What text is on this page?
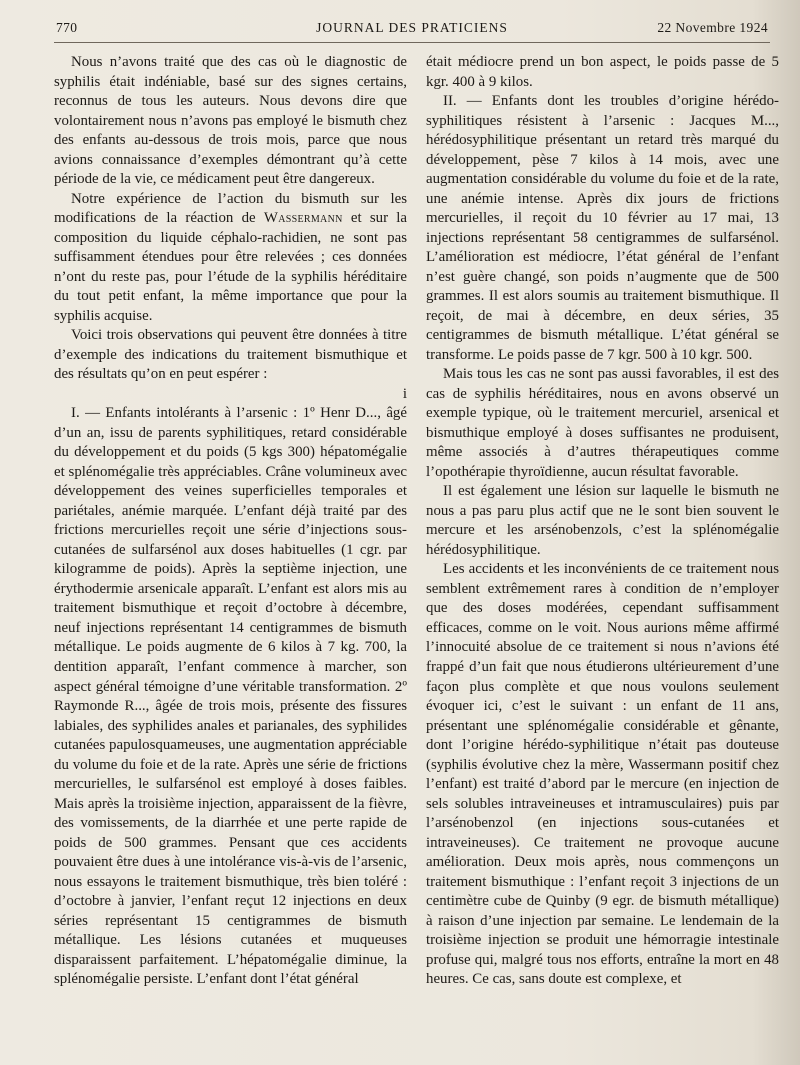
770	JOURNAL DES PRATICIENS	22 Novembre 1924

Nous n’avons traité que des cas où le diagnostic de syphilis était indéniable, basé sur des signes certains, reconnus de tous les auteurs. Nous devons dire que volontairement nous n’avons pas employé le bismuth chez des enfants au-dessous de trois mois, parce que nous avions connaissance d’exemples démontrant qu’à cette période de la vie, ce médicament peut être dangereux.

Notre expérience de l’action du bismuth sur les modifications de la réaction de Wassermann et sur la composition du liquide céphalo-rachidien, ne sont pas suffisamment étendues pour être relevées ; ces données n’ont du reste pas, pour l’étude de la syphilis héréditaire du tout petit enfant, la même importance que pour la syphilis acquise.

Voici trois observations qui peuvent être données à titre d’exemple des indications du traitement bismuthique et des résultats qu’on en peut espérer :

i

I. — Enfants intolérants à l’arsenic : 1º Henr D..., âgé d’un an, issu de parents syphilitiques, retard considérable du développement et du poids (5 kgs 300) hépatomégalie et splénomégalie très appréciables. Crâne volumineux avec développement des veines superficielles temporales et pariétales, anémie marquée. L’enfant déjà traité par des frictions mercurielles reçoit une série d’injections sous-cutanées de sulfarsénol aux doses habituelles (1 cgr. par kilogramme de poids). Après la septième injection, une érythodermie arsenicale apparaît. L’enfant est alors mis au traitement bismuthique et reçoit d’octobre à décembre, neuf injections représentant 14 centigrammes de bismuth métallique. Le poids augmente de 6 kilos à 7 kg. 700, la dentition apparaît, l’enfant commence à marcher, son aspect général témoigne d’une véritable transformation. 2º Raymonde R..., âgée de trois mois, présente des fissures labiales, des syphilides anales et parianales, des syphilides cutanées papulosquameuses, une augmentation appréciable du volume du foie et de la rate. Après une série de frictions mercurielles, le sulfarsénol est employé à doses faibles. Mais après la troisième injection, apparaissent de la fièvre, des vomissements, de la diarrhée et une perte rapide de poids de 500 grammes. Pensant que ces accidents pouvaient être dues à une intolérance vis-à-vis de l’arsenic, nous essayons le traitement bismuthique, très bien toléré : d’octobre à janvier, l’enfant reçut 12 injections en deux séries représentant 15 centigrammes de bismuth métallique. Les lésions cutanées et muqueuses disparaissent parfaitement. L’hépatomégalie diminue, la splénomégalie persiste. L’enfant dont l’état général

était médiocre prend un bon aspect, le poids passe de 5 kgr. 400 à 9 kilos.

II. — Enfants dont les troubles d’origine hérédo-syphilitiques résistent à l’arsenic : Jacques M..., hérédosyphilitique présentant un retard très marqué du développement, pèse 7 kilos à 14 mois, avec une augmentation considérable du volume du foie et de la rate, une anémie intense. Après dix jours de frictions mercurielles, il reçoit du 10 février au 17 mai, 13 injections représentant 58 centigrammes de sulfarsénol. L’amélioration est médiocre, l’état général de l’enfant n’est guère changé, son poids n’augmente que de 500 grammes. Il est alors soumis au traitement bismuthique. Il reçoit, de mai à décembre, en deux séries, 35 centigrammes de bismuth métallique. L’état général se transforme. Le poids passe de 7 kgr. 500 à 10 kgr. 500.

Mais tous les cas ne sont pas aussi favorables, il est des cas de syphilis héréditaires, nous en avons observé un exemple typique, où le traitement mercuriel, arsenical et bismuthique employé à doses suffisantes ne produisent, même associés à d’autres thérapeutiques comme l’opothérapie thyroïdienne, aucun résultat favorable.

Il est également une lésion sur laquelle le bismuth ne nous a pas paru plus actif que ne le sont bien souvent le mercure et les arsénobenzols, c’est la splénomégalie hérédosyphilitique.

Les accidents et les inconvénients de ce traitement nous semblent extrêmement rares à condition de n’employer que des doses modérées, cependant suffisamment efficaces, comme on le voit. Nous aurions même affirmé l’innocuité absolue de ce traitement si nous n’avions été frappé d’un fait que nous étudierons ultérieurement d’une façon plus complète et que nous voulons seulement évoquer ici, c’est le suivant : un enfant de 11 ans, présentant une splénomégalie considérable et gênante, dont l’origine hérédo-syphilitique n’était pas douteuse (syphilis évolutive chez la mère, Wassermann positif chez l’enfant) est traité d’abord par le mercure (en injection de sels solubles intraveineuses et intramusculaires) puis par l’arsénobenzol (en injections sous-cutanées et intraveineuses). Ce traitement ne provoque aucune amélioration. Deux mois après, nous commençons un traitement bismuthique : l’enfant reçoit 3 injections de un centimètre cube de Quinby (9 egr. de bismuth métallique) à raison d’une injection par semaine. Le lendemain de la troisième injection se produit une hémorragie intestinale profuse qui, malgré tous nos efforts, entraîne la mort en 48 heures. Ce cas, sans doute est complexe, et
